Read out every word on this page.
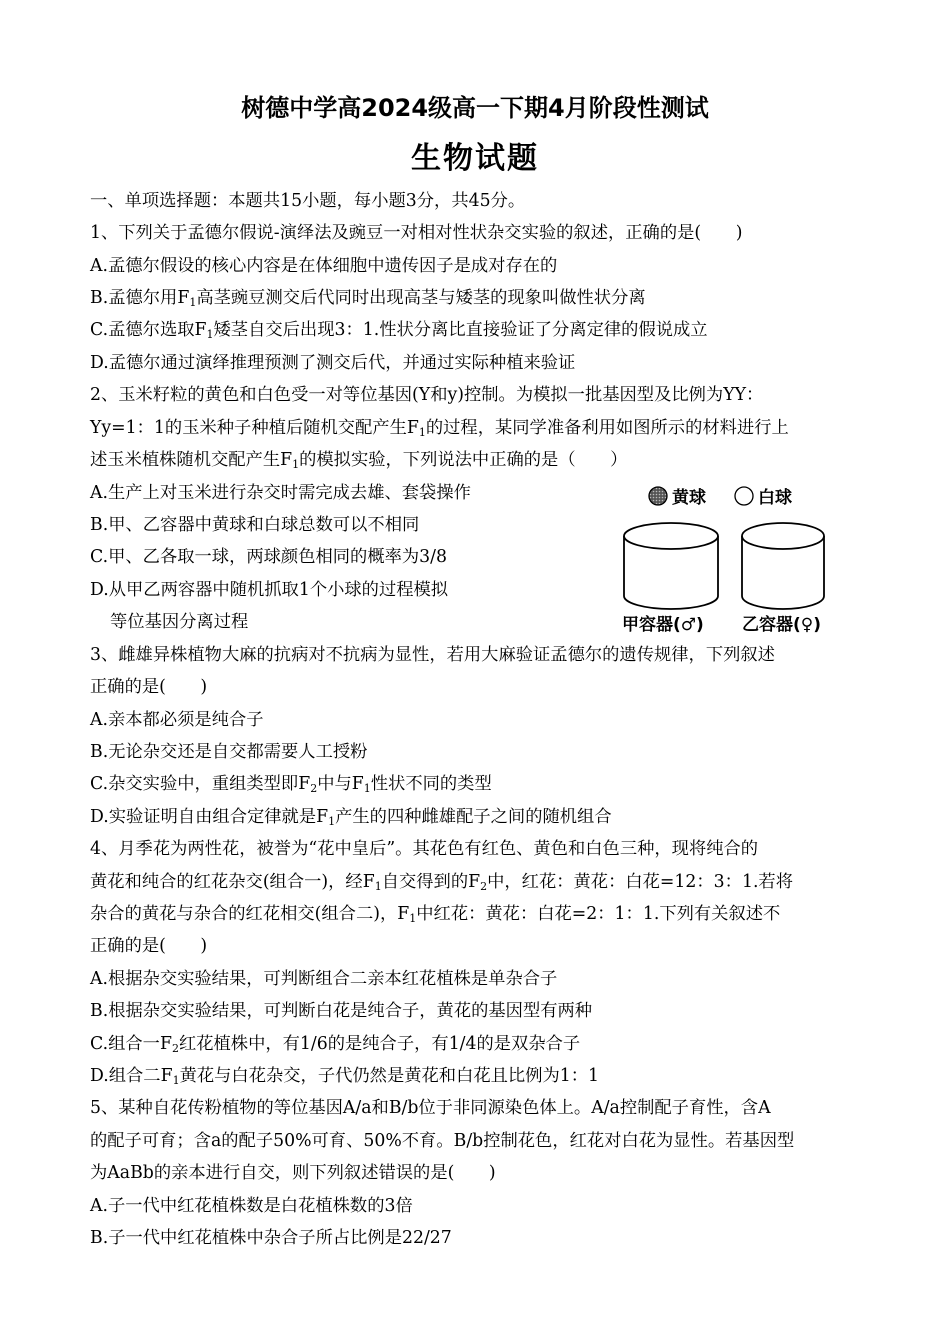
树德中学高2024级高一下期4月阶段性测试
生物试题
一、单项选择题：本题共15小题，每小题3分，共45分。
1、下列关于孟德尔假说-演绎法及豌豆一对相对性状杂交实验的叙述，正确的是(　　)
A.孟德尔假设的核心内容是在体细胞中遗传因子是成对存在的
B.孟德尔用$F_1$高茎豌豆测交后代同时出现高茎与矮茎的现象叫做性状分离
C.孟德尔选取$F_1$矮茎自交后出现3：1.性状分离比直接验证了分离定律的假说成立
D.孟德尔通过演绎推理预测了测交后代，并通过实际种植来验证
2、玉米籽粒的黄色和白色受一对等位基因(Y和y)控制。为模拟一批基因型及比例为YY：
Yy=1：1的玉米种子种植后随机交配产生$F_1$的过程，某同学准备利用如图所示的材料进行上
述玉米植株随机交配产生$F_1$的模拟实验，下列说法中正确的是（　　）
A.生产上对玉米进行杂交时需完成去雄、套袋操作
B.甲、乙容器中黄球和白球总数可以不相同
C.甲、乙各取一球，两球颜色相同的概率为3/8
D.从甲乙两容器中随机抓取1个小球的过程模拟
等位基因分离过程
黄球	白球
甲容器(♂) 乙容器(♀)
3、雌雄异株植物大麻的抗病对不抗病为显性，若用大麻验证孟德尔的遗传规律，下列叙述
正确的是(　　)
A.亲本都必须是纯合子
B.无论杂交还是自交都需要人工授粉
C.杂交实验中，重组类型即$F_2$中与$F_1$性状不同的类型
D.实验证明自由组合定律就是$F_1$产生的四种雌雄配子之间的随机组合
4、月季花为两性花，被誉为“花中皇后”。其花色有红色、黄色和白色三种，现将纯合的
黄花和纯合的红花杂交(组合一)，经$F_1$自交得到的$F_2$中，红花：黄花：白花=12：3：1.若将
杂合的黄花与杂合的红花相交(组合二)，$F_1$中红花：黄花：白花=2：1：1.下列有关叙述不
正确的是(　　)
A.根据杂交实验结果，可判断组合二亲本红花植株是单杂合子
B.根据杂交实验结果，可判断白花是纯合子，黄花的基因型有两种
C.组合一$F_2$红花植株中，有1/6的是纯合子，有1/4的是双杂合子
D.组合二$F_1$黄花与白花杂交，子代仍然是黄花和白花且比例为1：1
5、某种自花传粉植物的等位基因A/a和B/b位于非同源染色体上。A/a控制配子育性，含A
的配子可育；含a的配子50%可育、50%不育。B/b控制花色，红花对白花为显性。若基因型
为AaBb的亲本进行自交，则下列叙述错误的是(　　)
A.子一代中红花植株数是白花植株数的3倍
B.子一代中红花植株中杂合子所占比例是22/27
